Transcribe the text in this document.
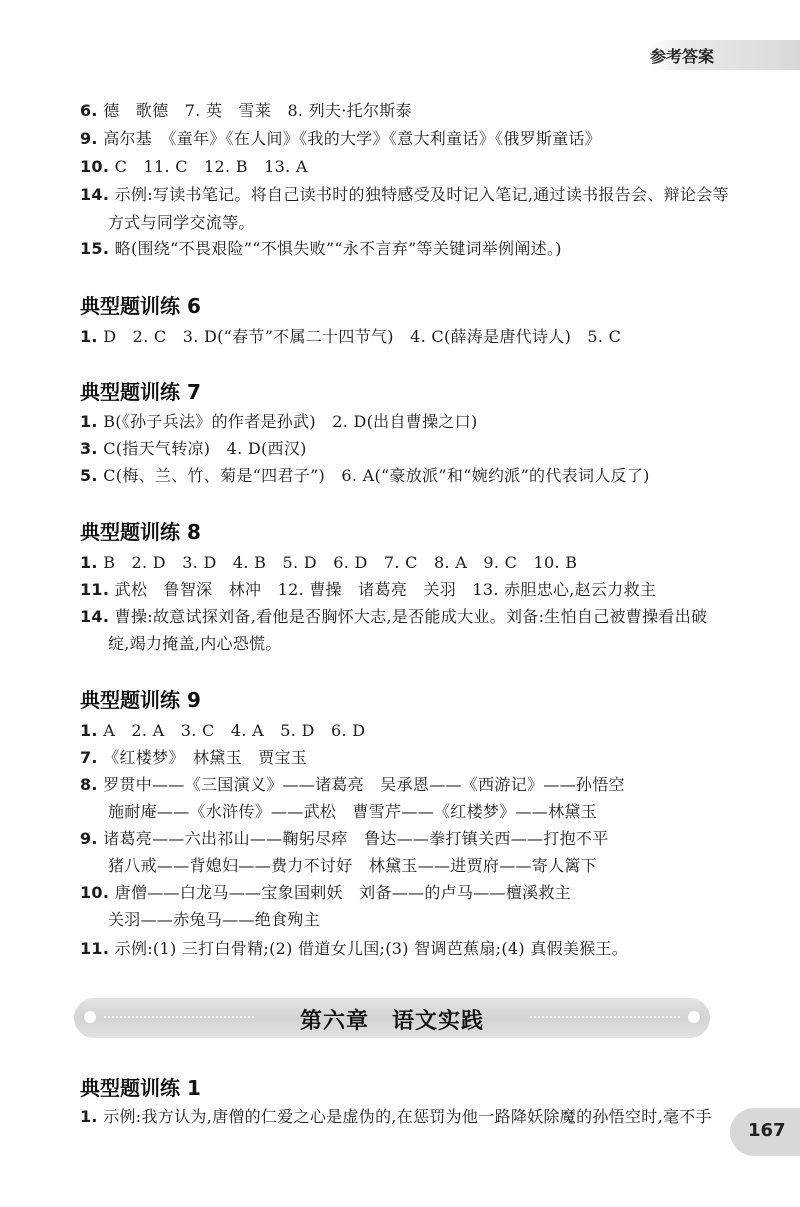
参考答案
6. 德　歌德　7. 英　雪莱　8. 列夫·托尔斯泰
9. 高尔基　《童年》《在人间》《我的大学》《意大利童话》《俄罗斯童话》
10. C　11. C　12. B　13. A
14. 示例:写读书笔记。将自己读书时的独特感受及时记入笔记,通过读书报告会、辩论会等
方式与同学交流等。
15. 略(围绕“不畏艰险”“不惧失败”“永不言弃”等关键词举例阐述。)
典型题训练 6
1. D　2. C　3. D(“春节”不属二十四节气)　4. C(薛涛是唐代诗人)　5. C
典型题训练 7
1. B(《孙子兵法》的作者是孙武)　2. D(出自曹操之口)
3. C(指天气转凉)　4. D(西汉)
5. C(梅、兰、竹、菊是“四君子”)　6. A(“豪放派”和“婉约派”的代表词人反了)
典型题训练 8
1. B　2. D　3. D　4. B　5. D　6. D　7. C　8. A　9. C　10. B
11. 武松　鲁智深　林冲　12. 曹操　诸葛亮　关羽　13. 赤胆忠心,赵云力救主
14. 曹操:故意试探刘备,看他是否胸怀大志,是否能成大业。刘备:生怕自己被曹操看出破
绽,竭力掩盖,内心恐慌。
典型题训练 9
1. A　2. A　3. C　4. A　5. D　6. D
7. 《红楼梦》　林黛玉　贾宝玉
8. 罗贯中——《三国演义》——诸葛亮　吴承恩——《西游记》——孙悟空
施耐庵——《水浒传》——武松　曹雪芹——《红楼梦》——林黛玉
9. 诸葛亮——六出祁山——鞠躬尽瘁　鲁达——拳打镇关西——打抱不平
猪八戒——背媳妇——费力不讨好　林黛玉——进贾府——寄人篱下
10. 唐僧——白龙马——宝象国剌妖　刘备——的卢马——檀溪救主
关羽——赤兔马——绝食殉主
11. 示例:(1) 三打白骨精;(2) 借道女儿国;(3) 智调芭蕉扇;(4) 真假美猴王。
第六章　语文实践
典型题训练 1
1. 示例:我方认为,唐僧的仁爱之心是虚伪的,在惩罚为他一路降妖除魔的孙悟空时,毫不手
167
